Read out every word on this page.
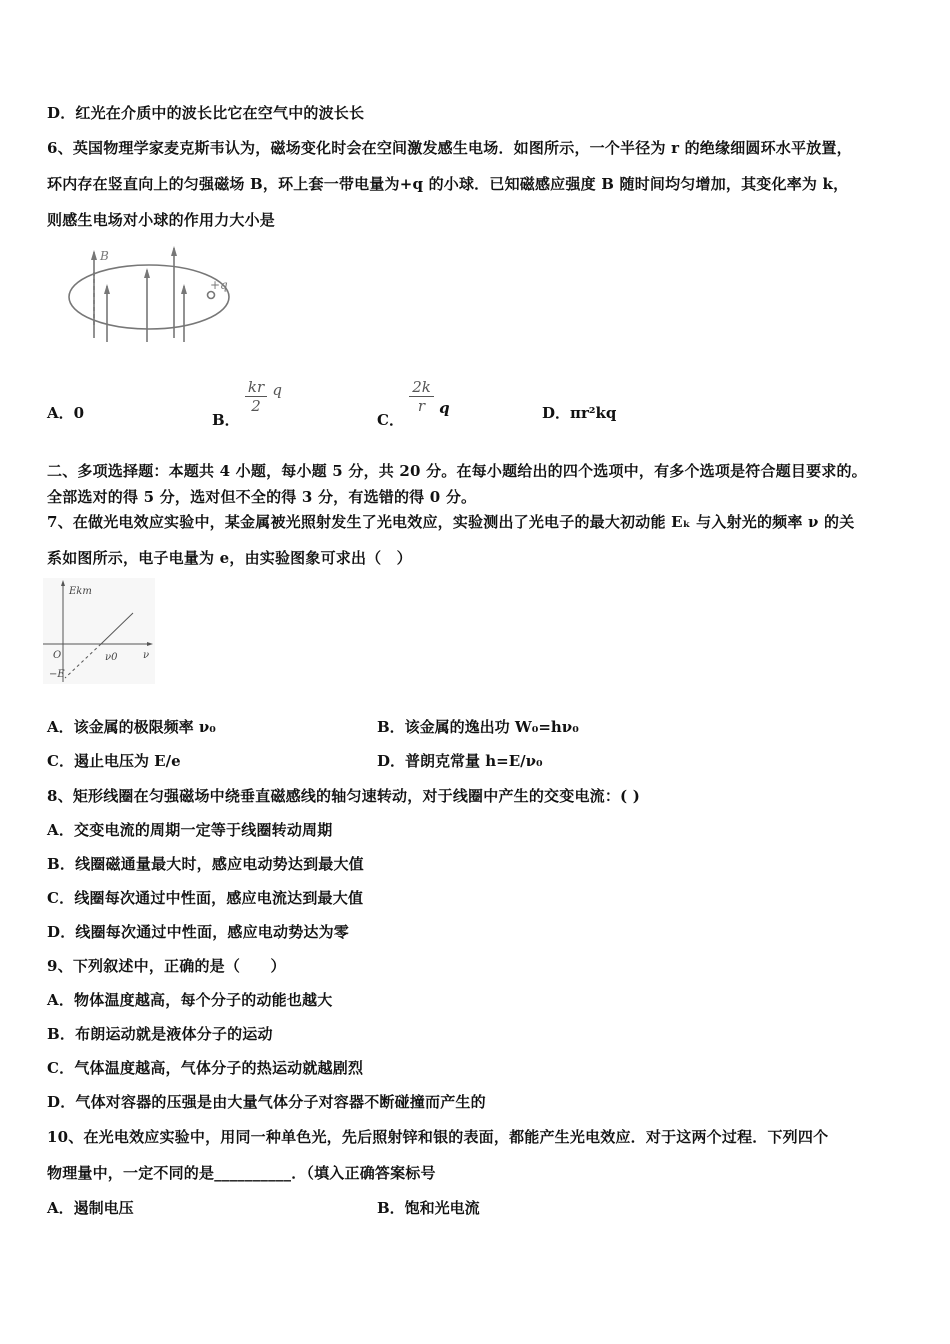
D．红光在介质中的波长比它在空气中的波长长
6、英国物理学家麦克斯韦认为，磁场变化时会在空间激发感生电场．如图所示，一个半径为 r 的绝缘细圆环水平放置，
环内存在竖直向上的匀强磁场 B，环上套一带电量为+q 的小球．已知磁感应强度 B 随时间均匀增加，其变化率为 k，
则感生电场对小球的作用力大小是
B
+q
A．0	B．
$\frac{kr}{2}$ q
C．
$\frac{2k}{r}$ q	D．πr²kq
二、多项选择题：本题共 4 小题，每小题 5 分，共 20 分。在每小题给出的四个选项中，有多个选项是符合题目要求的。
全部选对的得 5 分，选对但不全的得 3 分，有选错的得 0 分。
7、在做光电效应实验中，某金属被光照射发生了光电效应，实验测出了光电子的最大初动能 Eₖ 与入射光的频率 ν 的关
系如图所示，电子电量为 e，由实验图象可求出（　）
Ekm
ν
O	ν0
−E
A．该金属的极限频率 ν₀	B．该金属的逸出功 W₀=hν₀
C．遏止电压为 E/e	D．普朗克常量 h=E/ν₀
8、矩形线圈在匀强磁场中绕垂直磁感线的轴匀速转动，对于线圈中产生的交变电流：( )
A．交变电流的周期一定等于线圈转动周期
B．线圈磁通量最大时，感应电动势达到最大值
C．线圈每次通过中性面，感应电流达到最大值
D．线圈每次通过中性面，感应电动势达为零
9、下列叙述中，正确的是（　　）
A．物体温度越高，每个分子的动能也越大
B．布朗运动就是液体分子的运动
C．气体温度越高，气体分子的热运动就越剧烈
D．气体对容器的压强是由大量气体分子对容器不断碰撞而产生的
10、在光电效应实验中，用同一种单色光，先后照射锌和银的表面，都能产生光电效应．对于这两个过程．下列四个
物理量中，一定不同的是__________．（填入正确答案标号
A．遏制电压	B．饱和光电流
